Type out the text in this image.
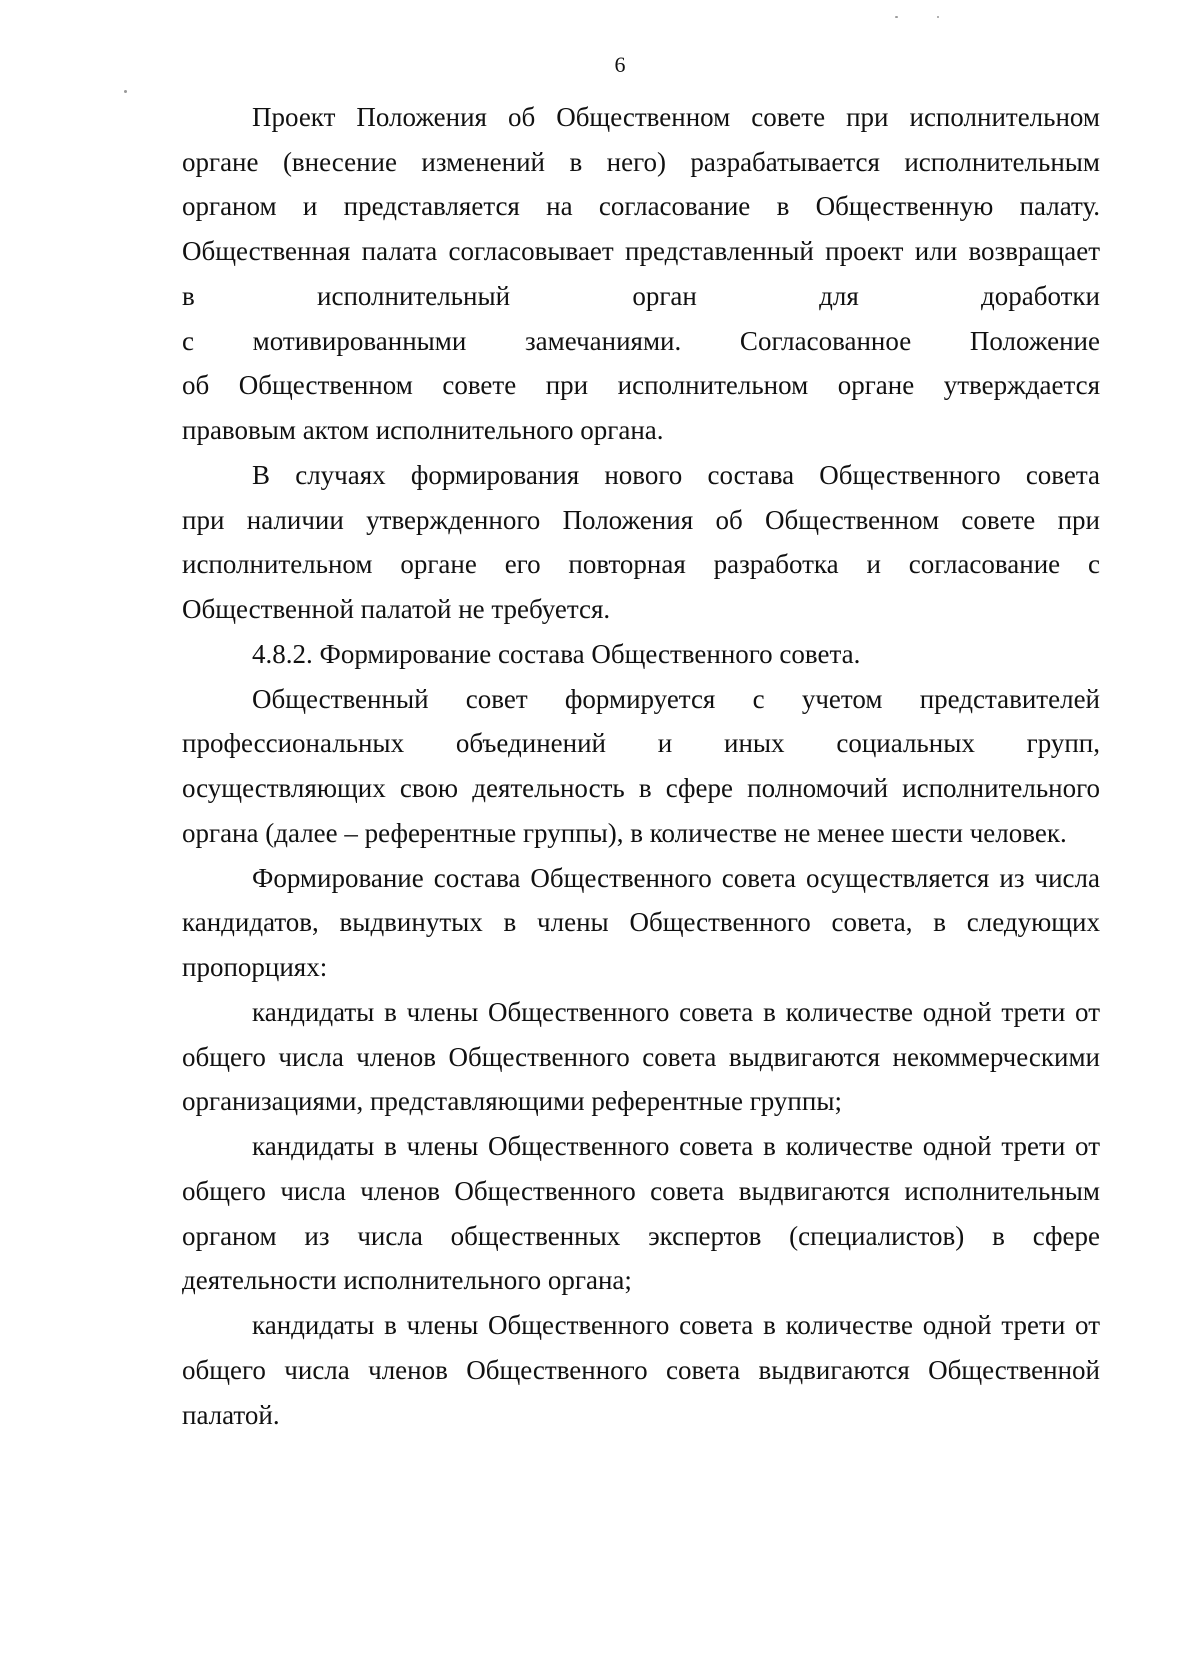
6
Проект Положения об Общественном совете при исполнительном
органе (внесение изменений в него) разрабатывается исполнительным
органом и представляется на согласование в Общественную палату.
Общественная палата согласовывает представленный проект или возвращает
в исполнительный орган для доработки
с мотивированными замечаниями. Согласованное Положение
об Общественном совете при исполнительном органе утверждается
правовым актом исполнительного органа.
В случаях формирования нового состава Общественного совета
при наличии утвержденного Положения об Общественном совете при
исполнительном органе его повторная разработка и согласование с
Общественной палатой не требуется.
4.8.2. Формирование состава Общественного совета.
Общественный совет формируется с учетом представителей
профессиональных объединений и иных социальных групп,
осуществляющих свою деятельность в сфере полномочий исполнительного
органа (далее – референтные группы), в количестве не менее шести человек.
Формирование состава Общественного совета осуществляется из числа
кандидатов, выдвинутых в члены Общественного совета, в следующих
пропорциях:
кандидаты в члены Общественного совета в количестве одной трети от
общего числа членов Общественного совета выдвигаются некоммерческими
организациями, представляющими референтные группы;
кандидаты в члены Общественного совета в количестве одной трети от
общего числа членов Общественного совета выдвигаются исполнительным
органом из числа общественных экспертов (специалистов) в сфере
деятельности исполнительного органа;
кандидаты в члены Общественного совета в количестве одной трети от
общего числа членов Общественного совета выдвигаются Общественной
палатой.
